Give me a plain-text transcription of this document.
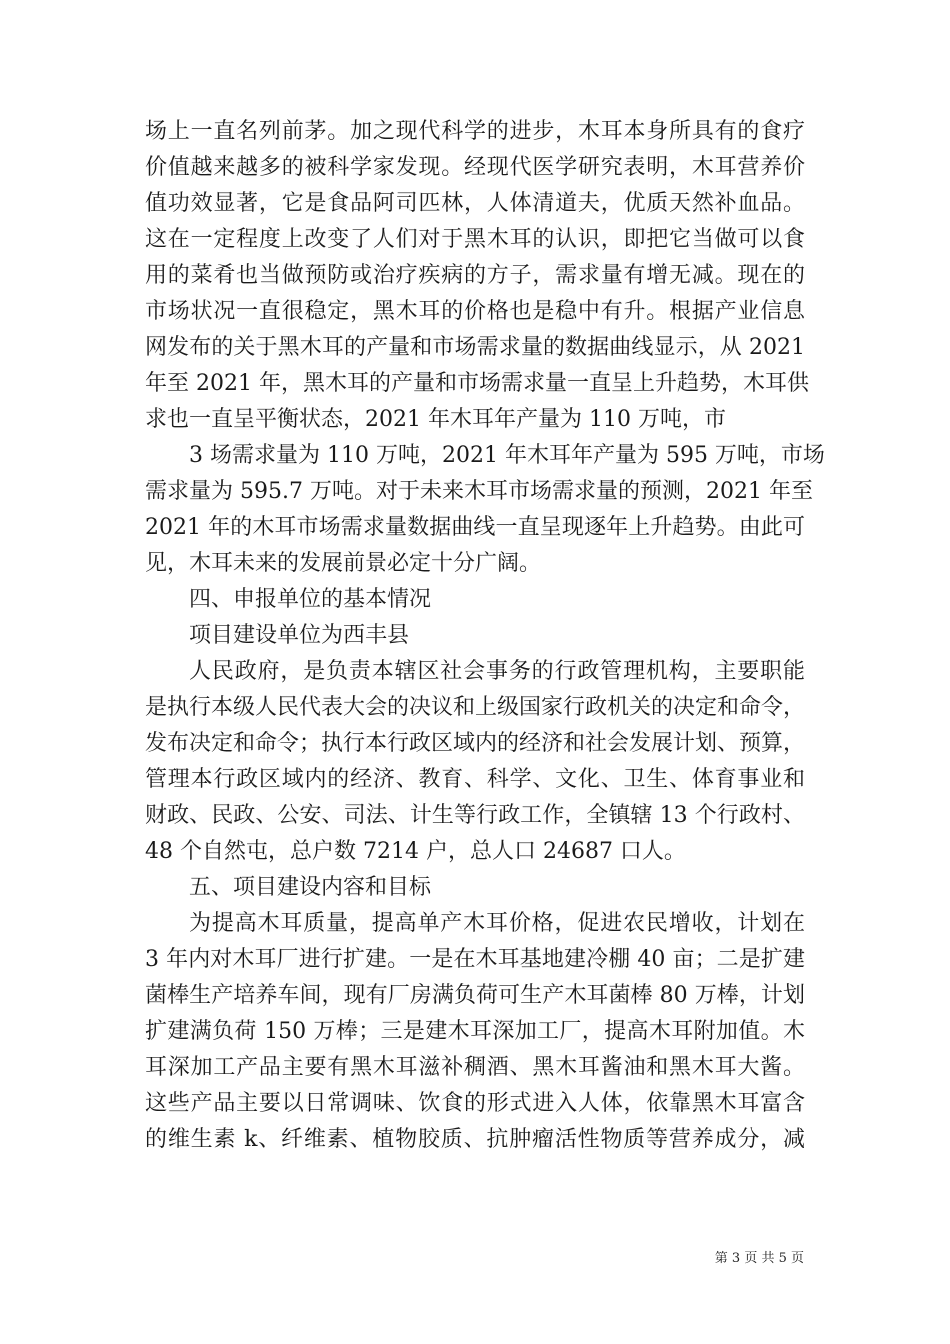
场上一直名列前茅。加之现代科学的进步，木耳本身所具有的食疗
价值越来越多的被科学家发现。经现代医学研究表明，木耳营养价
值功效显著，它是食品阿司匹林，人体清道夫，优质天然补血品。
这在一定程度上改变了人们对于黑木耳的认识，即把它当做可以食
用的菜肴也当做预防或治疗疾病的方子，需求量有增无减。现在的
市场状况一直很稳定，黑木耳的价格也是稳中有升。根据产业信息
网发布的关于黑木耳的产量和市场需求量的数据曲线显示，从 2021
年至 2021 年，黑木耳的产量和市场需求量一直呈上升趋势，木耳供
求也一直呈平衡状态，2021 年木耳年产量为 110 万吨，市
3 场需求量为 110 万吨，2021 年木耳年产量为 595 万吨，市场
需求量为 595.7 万吨。对于未来木耳市场需求量的预测，2021 年至
2021 年的木耳市场需求量数据曲线一直呈现逐年上升趋势。由此可
见，木耳未来的发展前景必定十分广阔。
四、申报单位的基本情况
项目建设单位为西丰县
人民政府，是负责本辖区社会事务的行政管理机构，主要职能
是执行本级人民代表大会的决议和上级国家行政机关的决定和命令，
发布决定和命令；执行本行政区域内的经济和社会发展计划、预算，
管理本行政区域内的经济、教育、科学、文化、卫生、体育事业和
财政、民政、公安、司法、计生等行政工作，全镇辖 13 个行政村、
48 个自然屯，总户数 7214 户，总人口 24687 口人。
五、项目建设内容和目标
为提高木耳质量，提高单产木耳价格，促进农民增收，计划在
3 年内对木耳厂进行扩建。一是在木耳基地建冷棚 40 亩；二是扩建
菌棒生产培养车间，现有厂房满负荷可生产木耳菌棒 80 万棒，计划
扩建满负荷 150 万棒；三是建木耳深加工厂，提高木耳附加值。木
耳深加工产品主要有黑木耳滋补稠酒、黑木耳酱油和黑木耳大酱。
这些产品主要以日常调味、饮食的形式进入人体，依靠黑木耳富含
的维生素 k、纤维素、植物胶质、抗肿瘤活性物质等营养成分，减
第 3 页 共 5 页
